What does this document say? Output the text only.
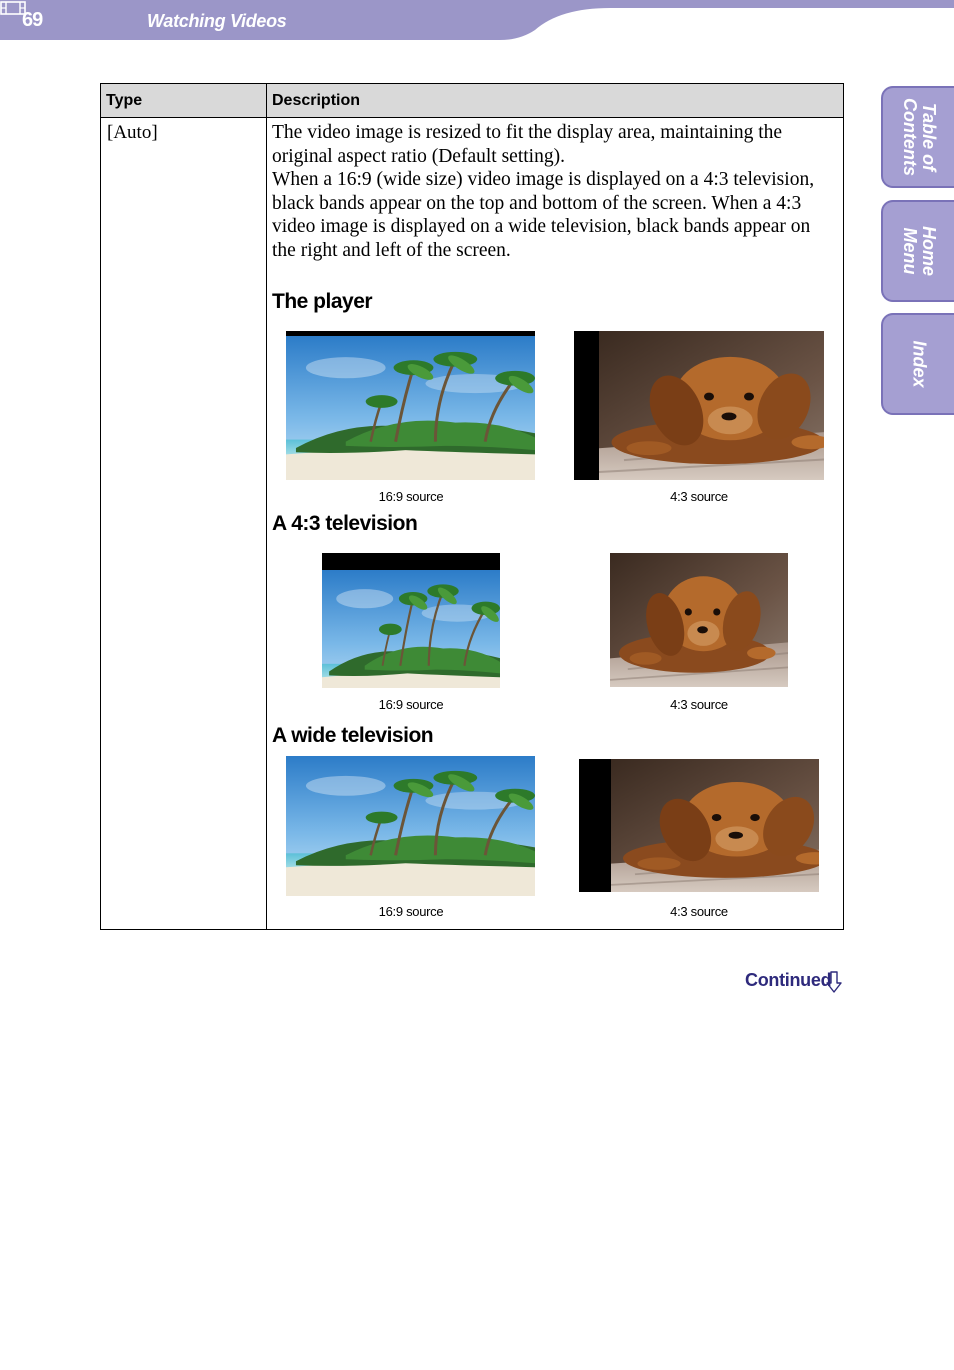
69	Watching Videos
Table of
Contents
Home
Menu
Index
Type	Description
[Auto]	The video image is resized to fit the display area, maintaining the original aspect ratio (Default setting).

When a 16:9 (wide size) video image is displayed on a 4:3 television, black bands appear on the top and bottom of the screen. When a 4:3 video image is displayed on a wide television, black bands appear on the right and left of the screen.

The player
16:9 source	4:3 source
A 4:3 television
16:9 source	4:3 source
A wide television
16:9 source	4:3 source
Continued
